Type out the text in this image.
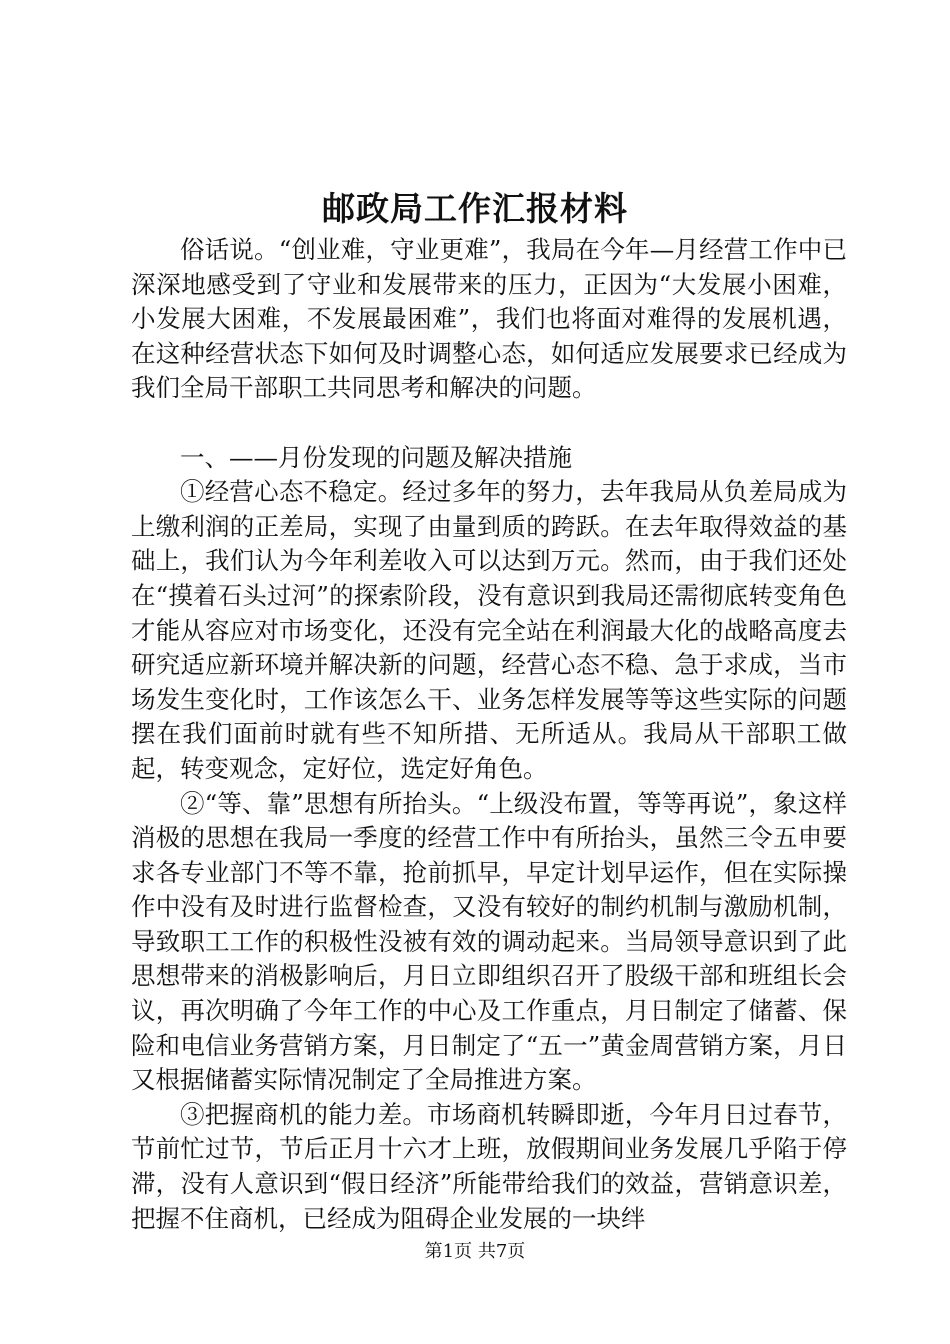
邮政局工作汇报材料

俗话说。“创业难，守业更难”，我局在今年—月经营工作中已深深地感受到了守业和发展带来的压力，正因为“大发展小困难，小发展大困难，不发展最困难”，我们也将面对难得的发展机遇，在这种经营状态下如何及时调整心态，如何适应发展要求已经成为我们全局干部职工共同思考和解决的问题。

一、——月份发现的问题及解决措施

①经营心态不稳定。经过多年的努力，去年我局从负差局成为上缴利润的正差局，实现了由量到质的跨跃。在去年取得效益的基础上，我们认为今年利差收入可以达到万元。然而，由于我们还处在“摸着石头过河”的探索阶段，没有意识到我局还需彻底转变角色才能从容应对市场变化，还没有完全站在利润最大化的战略高度去研究适应新环境并解决新的问题，经营心态不稳、急于求成，当市场发生变化时，工作该怎么干、业务怎样发展等等这些实际的问题摆在我们面前时就有些不知所措、无所适从。我局从干部职工做起，转变观念，定好位，选定好角色。

②“等、靠”思想有所抬头。“上级没布置，等等再说”，象这样消极的思想在我局一季度的经营工作中有所抬头，虽然三令五申要求各专业部门不等不靠，抢前抓早，早定计划早运作，但在实际操作中没有及时进行监督检查，又没有较好的制约机制与激励机制，导致职工工作的积极性没被有效的调动起来。当局领导意识到了此思想带来的消极影响后，月日立即组织召开了股级干部和班组长会议，再次明确了今年工作的中心及工作重点，月日制定了储蓄、保险和电信业务营销方案，月日制定了“五一”黄金周营销方案，月日又根据储蓄实际情况制定了全局推进方案。

③把握商机的能力差。市场商机转瞬即逝，今年月日过春节，节前忙过节，节后正月十六才上班，放假期间业务发展几乎陷于停滞，没有人意识到“假日经济”所能带给我们的效益，营销意识差，把握不住商机，已经成为阻碍企业发展的一块绊

第1页 共7页
